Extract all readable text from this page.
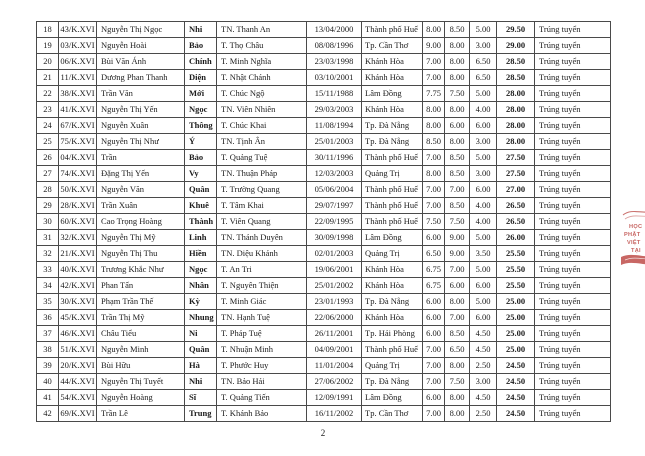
18	43/K.XVI	Nguyễn Thị Ngọc	Nhi	TN. Thanh An	13/04/2000	Thành phố Huế	8.00	8.50	5.00	29.50	Trúng tuyển
19	03/K.XVI	Nguyễn Hoài	Bảo	T. Thọ Châu	08/08/1996	Tp. Cần Thơ	9.00	8.00	3.00	29.00	Trúng tuyển
20	06/K.XVI	Bùi Văn Ánh	Chính	T. Minh Nghĩa	23/03/1998	Khánh Hòa	7.00	8.00	6.50	28.50	Trúng tuyển
21	11/K.XVI	Dương Phan Thanh	Diện	T. Nhật Chánh	03/10/2001	Khánh Hòa	7.00	8.00	6.50	28.50	Trúng tuyển
22	38/K.XVI	Trần Văn	Mới	T. Chúc Ngộ	15/11/1988	Lâm Đồng	7.75	7.50	5.00	28.00	Trúng tuyển
23	41/K.XVI	Nguyễn Thị Yến	Ngọc	TN. Viên Nhiên	29/03/2003	Khánh Hòa	8.00	8.00	4.00	28.00	Trúng tuyển
24	67/K.XVI	Nguyễn Xuân	Thông	T. Chúc Khai	11/08/1994	Tp. Đà Nẵng	8.00	6.00	6.00	28.00	Trúng tuyển
25	75/K.XVI	Nguyễn Thị Như	Ý	TN. Tịnh Ân	25/01/2003	Tp. Đà Nẵng	8.50	8.00	3.00	28.00	Trúng tuyển
26	04/K.XVI	Trần	Bảo	T. Quảng Tuệ	30/11/1996	Thành phố Huế	7.00	8.50	5.00	27.50	Trúng tuyển
27	74/K.XVI	Đặng Thị Yến	Vy	TN. Thuận Pháp	12/03/2003	Quảng Trị	8.00	8.50	3.00	27.50	Trúng tuyển
28	50/K.XVI	Nguyễn Văn	Quân	T. Trường Quang	05/06/2004	Thành phố Huế	7.00	7.00	6.00	27.00	Trúng tuyển
29	28/K.XVI	Trần Xuân	Khuê	T. Tâm Khai	29/07/1997	Thành phố Huế	7.00	8.50	4.00	26.50	Trúng tuyển
30	60/K.XVI	Cao Trọng Hoàng	Thành	T. Viên Quang	22/09/1995	Thành phố Huế	7.50	7.50	4.00	26.50	Trúng tuyển
31	32/K.XVI	Nguyễn Thị Mỹ	Linh	TN. Thánh Duyên	30/09/1998	Lâm Đồng	6.00	9.00	5.00	26.00	Trúng tuyển
32	21/K.XVI	Nguyễn Thị Thu	Hiền	TN. Diệu Khánh	02/01/2003	Quảng Trị	6.50	9.00	3.50	25.50	Trúng tuyển
33	40/K.XVI	Trương Khắc Như	Ngọc	T. An Tri	19/06/2001	Khánh Hòa	6.75	7.00	5.00	25.50	Trúng tuyển
34	42/K.XVI	Phan Tấn	Nhân	T. Nguyên Thiện	25/01/2002	Khánh Hòa	6.75	6.00	6.00	25.50	Trúng tuyển
35	30/K.XVI	Phạm Trần Thế	Kỳ	T. Minh Giác	23/01/1993	Tp. Đà Nẵng	6.00	8.00	5.00	25.00	Trúng tuyển
36	45/K.XVI	Trần Thị Mỹ	Nhung	TN. Hạnh Tuệ	22/06/2000	Khánh Hòa	6.00	7.00	6.00	25.00	Trúng tuyển
37	46/K.XVI	Châu Tiểu	Ni	T. Pháp Tuệ	26/11/2001	Tp. Hải Phòng	6.00	8.50	4.50	25.00	Trúng tuyển
38	51/K.XVI	Nguyễn Minh	Quân	T. Nhuận Minh	04/09/2001	Thành phố Huế	7.00	6.50	4.50	25.00	Trúng tuyển
39	20/K.XVI	Bùi Hữu	Hà	T. Phước Huy	11/01/2004	Quảng Trị	7.00	8.00	2.50	24.50	Trúng tuyển
40	44/K.XVI	Nguyễn Thị Tuyết	Nhi	TN. Bảo Hải	27/06/2002	Tp. Đà Nẵng	7.00	7.50	3.00	24.50	Trúng tuyển
41	54/K.XVI	Nguyễn Hoàng	Sĩ	T. Quảng Tiến	12/09/1991	Lâm Đồng	6.00	8.00	4.50	24.50	Trúng tuyển
42	69/K.XVI	Trần Lê	Trung	T. Khánh Bảo	16/11/2002	Tp. Cần Thơ	7.00	8.00	2.50	24.50	Trúng tuyển
2
HỌC
PHẬT
VIỆT
TẠI
